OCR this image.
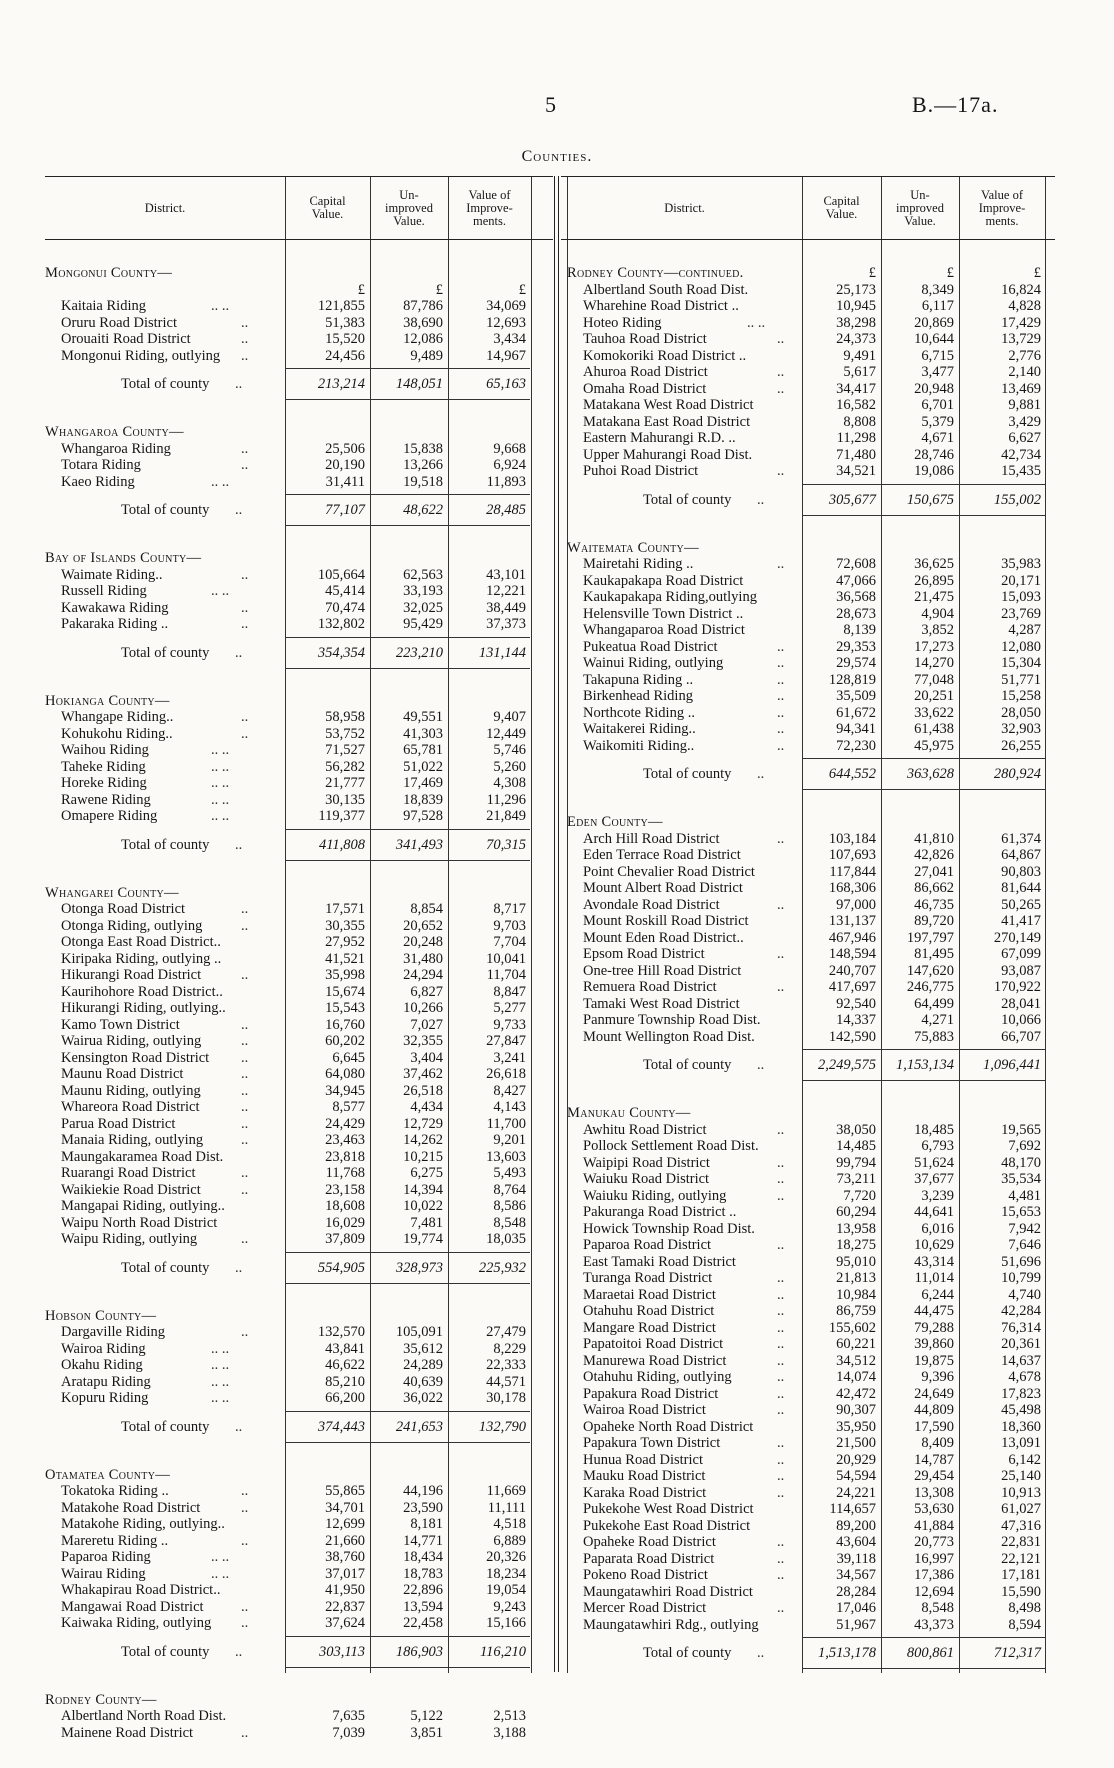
5	B.—17a.
Counties.
District.	Capital
Value.
Un-
improved
Value.
Value of
Improve-
ments.
Mongonui County—
£	£	£
Kaitaia Riding	.. ..	121,855	87,786	34,069
Oruru Road District	..	51,383	38,690	12,693
Orouaiti Road District	..	15,520	12,086	3,434
Mongonui Riding, outlying	..	24,456	9,489	14,967
Total of county	..	213,214	148,051	65,163
Whangaroa County—
Whangaroa Riding	..	25,506	15,838	9,668
Totara Riding	..	20,190	13,266	6,924
Kaeo Riding	.. ..	31,411	19,518	11,893
Total of county	..	77,107	48,622	28,485
Bay of Islands County—
Waimate Riding..	..	105,664	62,563	43,101
Russell Riding	.. ..	45,414	33,193	12,221
Kawakawa Riding	..	70,474	32,025	38,449
Pakaraka Riding ..	..	132,802	95,429	37,373
Total of county	..	354,354	223,210	131,144
Hokianga County—
Whangape Riding..	..	58,958	49,551	9,407
Kohukohu Riding..	..	53,752	41,303	12,449
Waihou Riding	.. ..	71,527	65,781	5,746
Taheke Riding	.. ..	56,282	51,022	5,260
Horeke Riding	.. ..	21,777	17,469	4,308
Rawene Riding	.. ..	30,135	18,839	11,296
Omapere Riding	.. ..	119,377	97,528	21,849
Total of county	..	411,808	341,493	70,315
Whangarei County—
Otonga Road District	..	17,571	8,854	8,717
Otonga Riding, outlying	..	30,355	20,652	9,703
Otonga East Road District..	27,952	20,248	7,704
Kiripaka Riding, outlying ..	41,521	31,480	10,041
Hikurangi Road District	..	35,998	24,294	11,704
Kaurihohore Road District..	15,674	6,827	8,847
Hikurangi Riding, outlying..	15,543	10,266	5,277
Kamo Town District	..	16,760	7,027	9,733
Wairua Riding, outlying	..	60,202	32,355	27,847
Kensington Road District	..	6,645	3,404	3,241
Maunu Road District	..	64,080	37,462	26,618
Maunu Riding, outlying	..	34,945	26,518	8,427
Whareora Road District	..	8,577	4,434	4,143
Parua Road District	..	24,429	12,729	11,700
Manaia Riding, outlying	..	23,463	14,262	9,201
Maungakaramea Road Dist.	23,818	10,215	13,603
Ruarangi Road District	..	11,768	6,275	5,493
Waikiekie Road District	..	23,158	14,394	8,764
Mangapai Riding, outlying..	18,608	10,022	8,586
Waipu North Road District	16,029	7,481	8,548
Waipu Riding, outlying	..	37,809	19,774	18,035
Total of county	..	554,905	328,973	225,932
Hobson County—
Dargaville Riding	..	132,570	105,091	27,479
Wairoa Riding	.. ..	43,841	35,612	8,229
Okahu Riding	.. ..	46,622	24,289	22,333
Aratapu Riding	.. ..	85,210	40,639	44,571
Kopuru Riding	.. ..	66,200	36,022	30,178
Total of county	..	374,443	241,653	132,790
Otamatea County—
Tokatoka Riding ..	..	55,865	44,196	11,669
Matakohe Road District	..	34,701	23,590	11,111
Matakohe Riding, outlying..	12,699	8,181	4,518
Mareretu Riding ..	..	21,660	14,771	6,889
Paparoa Riding	.. ..	38,760	18,434	20,326
Wairau Riding	.. ..	37,017	18,783	18,234
Whakapirau Road District..	41,950	22,896	19,054
Mangawai Road District	..	22,837	13,594	9,243
Kaiwaka Riding, outlying	..	37,624	22,458	15,166
Total of county	..	303,113	186,903	116,210
Rodney County—
Albertland North Road Dist.	7,635	5,122	2,513
Mainene Road District	..	7,039	3,851	3,188
District.	Capital
Value.
Un-
improved
Value.
Value of
Improve-
ments.
Rodney County—continued.	£	£	£
Albertland South Road Dist.	25,173	8,349	16,824
Wharehine Road District ..	10,945	6,117	4,828
Hoteo Riding	.. ..	38,298	20,869	17,429
Tauhoa Road District	..	24,373	10,644	13,729
Komokoriki Road District ..	9,491	6,715	2,776
Ahuroa Road District	..	5,617	3,477	2,140
Omaha Road District	..	34,417	20,948	13,469
Matakana West Road District	16,582	6,701	9,881
Matakana East Road District	8,808	5,379	3,429
Eastern Mahurangi R.D. ..	11,298	4,671	6,627
Upper Mahurangi Road Dist.	71,480	28,746	42,734
Puhoi Road District	..	34,521	19,086	15,435
Total of county	..	305,677	150,675	155,002
Waitemata County—
Mairetahi Riding ..	..	72,608	36,625	35,983
Kaukapakapa Road District	47,066	26,895	20,171
Kaukapakapa Riding,outlying	36,568	21,475	15,093
Helensville Town District ..	28,673	4,904	23,769
Whangaparoa Road District	8,139	3,852	4,287
Pukeatua Road District	..	29,353	17,273	12,080
Wainui Riding, outlying	..	29,574	14,270	15,304
Takapuna Riding ..	..	128,819	77,048	51,771
Birkenhead Riding	..	35,509	20,251	15,258
Northcote Riding ..	..	61,672	33,622	28,050
Waitakerei Riding..	..	94,341	61,438	32,903
Waikomiti Riding..	..	72,230	45,975	26,255
Total of county	..	644,552	363,628	280,924
Eden County—
Arch Hill Road District	..	103,184	41,810	61,374
Eden Terrace Road District	107,693	42,826	64,867
Point Chevalier Road District	117,844	27,041	90,803
Mount Albert Road District	168,306	86,662	81,644
Avondale Road District	..	97,000	46,735	50,265
Mount Roskill Road District	131,137	89,720	41,417
Mount Eden Road District..	467,946	197,797	270,149
Epsom Road District	..	148,594	81,495	67,099
One-tree Hill Road District	240,707	147,620	93,087
Remuera Road District	..	417,697	246,775	170,922
Tamaki West Road District	92,540	64,499	28,041
Panmure Township Road Dist.	14,337	4,271	10,066
Mount Wellington Road Dist.	142,590	75,883	66,707
Total of county	..	2,249,575	1,153,134	1,096,441
Manukau County—
Awhitu Road District	..	38,050	18,485	19,565
Pollock Settlement Road Dist.	14,485	6,793	7,692
Waipipi Road District	..	99,794	51,624	48,170
Waiuku Road District	..	73,211	37,677	35,534
Waiuku Riding, outlying	..	7,720	3,239	4,481
Pakuranga Road District ..	60,294	44,641	15,653
Howick Township Road Dist.	13,958	6,016	7,942
Paparoa Road District	..	18,275	10,629	7,646
East Tamaki Road District	95,010	43,314	51,696
Turanga Road District	..	21,813	11,014	10,799
Maraetai Road District	..	10,984	6,244	4,740
Otahuhu Road District	..	86,759	44,475	42,284
Mangare Road District	..	155,602	79,288	76,314
Papatoitoi Road District	..	60,221	39,860	20,361
Manurewa Road District	..	34,512	19,875	14,637
Otahuhu Riding, outlying	..	14,074	9,396	4,678
Papakura Road District	..	42,472	24,649	17,823
Wairoa Road District	..	90,307	44,809	45,498
Opaheke North Road District	35,950	17,590	18,360
Papakura Town District	..	21,500	8,409	13,091
Hunua Road District	..	20,929	14,787	6,142
Mauku Road District	..	54,594	29,454	25,140
Karaka Road District	..	24,221	13,308	10,913
Pukekohe West Road District	114,657	53,630	61,027
Pukekohe East Road District	89,200	41,884	47,316
Opaheke Road District	..	43,604	20,773	22,831
Paparata Road District	..	39,118	16,997	22,121
Pokeno Road District	..	34,567	17,386	17,181
Maungatawhiri Road District	28,284	12,694	15,590
Mercer Road District	..	17,046	8,548	8,498
Maungatawhiri Rdg., outlying	51,967	43,373	8,594
Total of county	..	1,513,178	800,861	712,317
